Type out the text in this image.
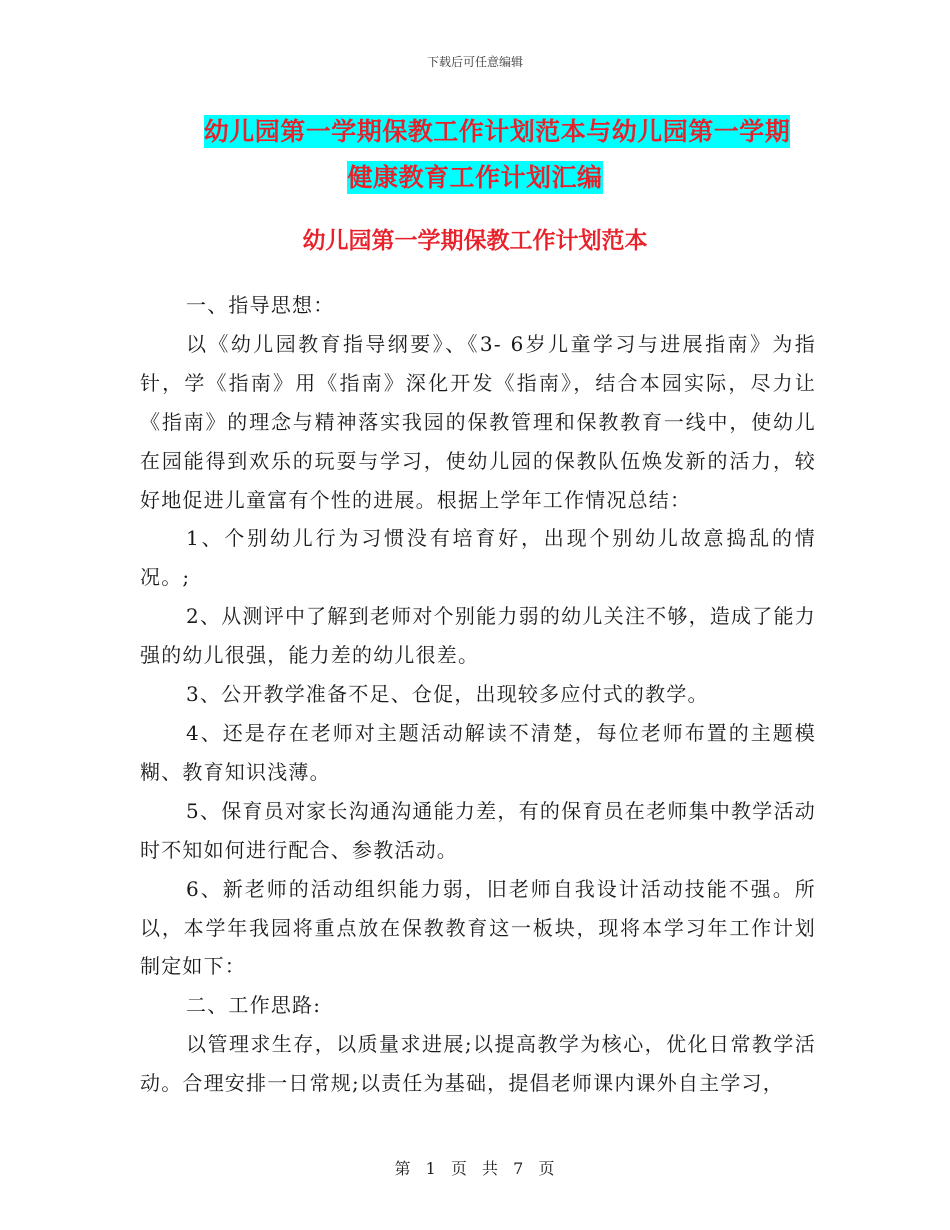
下载后可任意编辑
幼儿园第一学期保教工作计划范本与幼儿园第一学期
健康教育工作计划汇编
幼儿园第一学期保教工作计划范本

一、指导思想：

以《幼儿园教育指导纲要》、《3- 6岁儿童学习与进展指南》为指针，学《指南》用《指南》深化开发《指南》，结合本园实际，尽力让《指南》的理念与精神落实我园的保教管理和保教教育一线中，使幼儿在园能得到欢乐的玩耍与学习，使幼儿园的保教队伍焕发新的活力，较好地促进儿童富有个性的进展。根据上学年工作情况总结：

1、个别幼儿行为习惯没有培育好，出现个别幼儿故意捣乱的情况。;

2、从测评中了解到老师对个别能力弱的幼儿关注不够，造成了能力强的幼儿很强，能力差的幼儿很差。

3、公开教学准备不足、仓促，出现较多应付式的教学。

4、还是存在老师对主题活动解读不清楚，每位老师布置的主题模糊、教育知识浅薄。

5、保育员对家长沟通沟通能力差，有的保育员在老师集中教学活动时不知如何进行配合、参教活动。

6、新老师的活动组织能力弱，旧老师自我设计活动技能不强。所以，本学年我园将重点放在保教教育这一板块，现将本学习年工作计划制定如下：

二、工作思路:

以管理求生存，以质量求进展;以提高教学为核心，优化日常教学活动。合理安排一日常规;以责任为基础，提倡老师课内课外自主学习，

第 1 页 共 7 页
